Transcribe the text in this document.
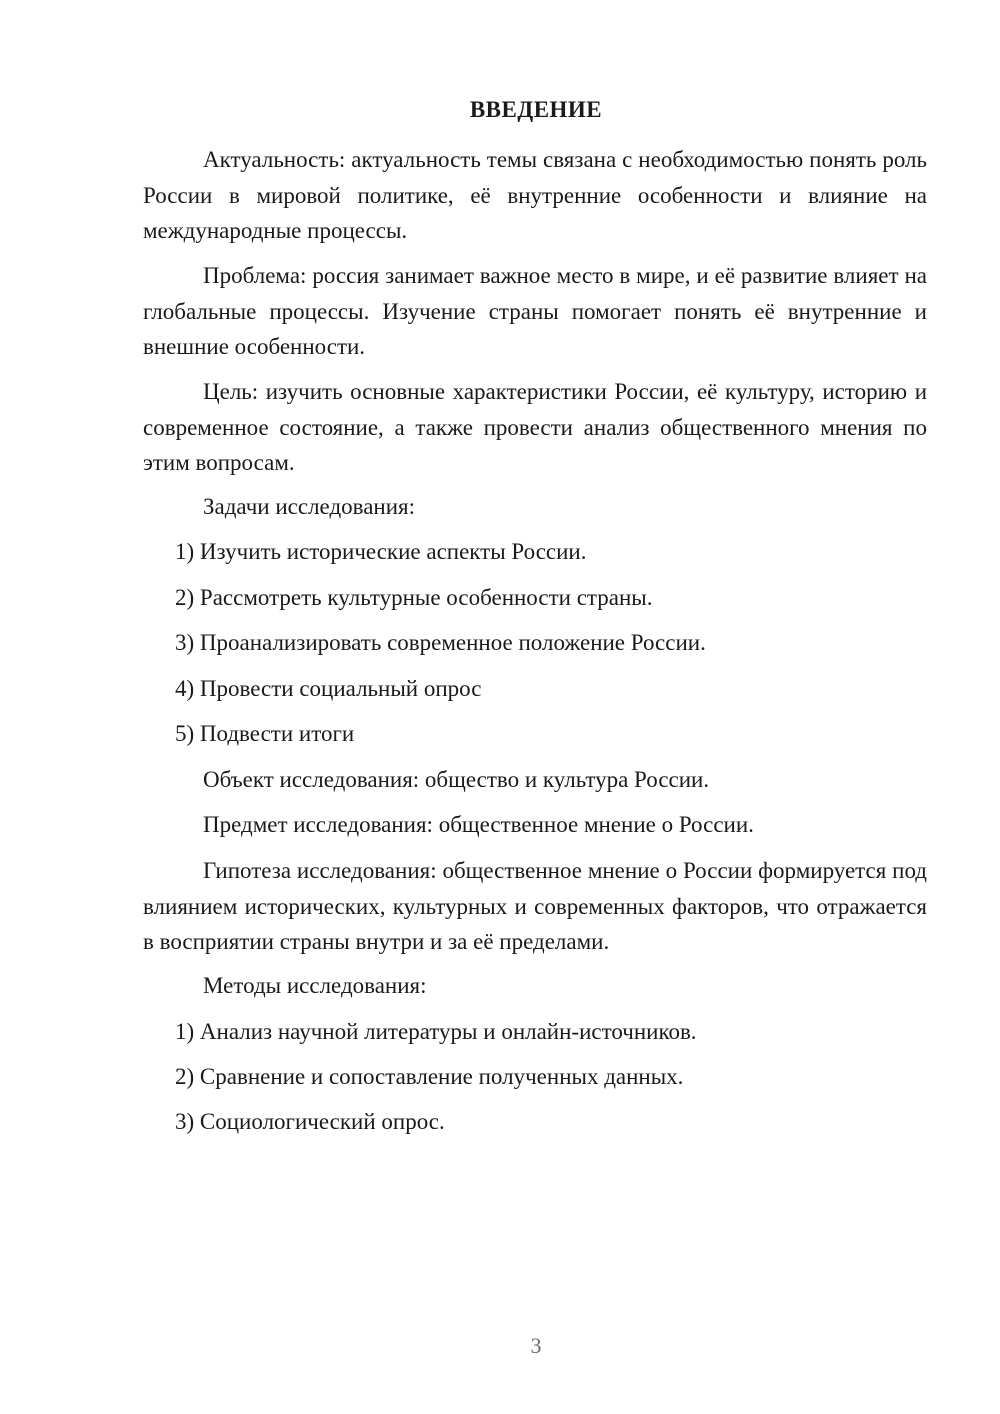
ВВЕДЕНИЕ

Актуальность: актуальность темы связана с необходимостью понять роль России в мировой политике, её внутренние особенности и влияние на международные процессы.

Проблема: россия занимает важное место в мире, и её развитие влияет на глобальные процессы. Изучение страны помогает понять её внутренние и внешние особенности.

Цель: изучить основные характеристики России, её культуру, историю и современное состояние, а также провести анализ общественного мнения по этим вопросам.

Задачи исследования:

1) Изучить исторические аспекты России.

2) Рассмотреть культурные особенности страны.

3) Проанализировать современное положение России.

4) Провести социальный опрос

5) Подвести итоги

Объект исследования: общество и культура России.

Предмет исследования: общественное мнение о России.

Гипотеза исследования: общественное мнение о России формируется под влиянием исторических, культурных и современных факторов, что отражается в восприятии страны внутри и за её пределами.

Методы исследования:

1) Анализ научной литературы и онлайн-источников.

2) Сравнение и сопоставление полученных данных.

3) Социологический опрос.

3
